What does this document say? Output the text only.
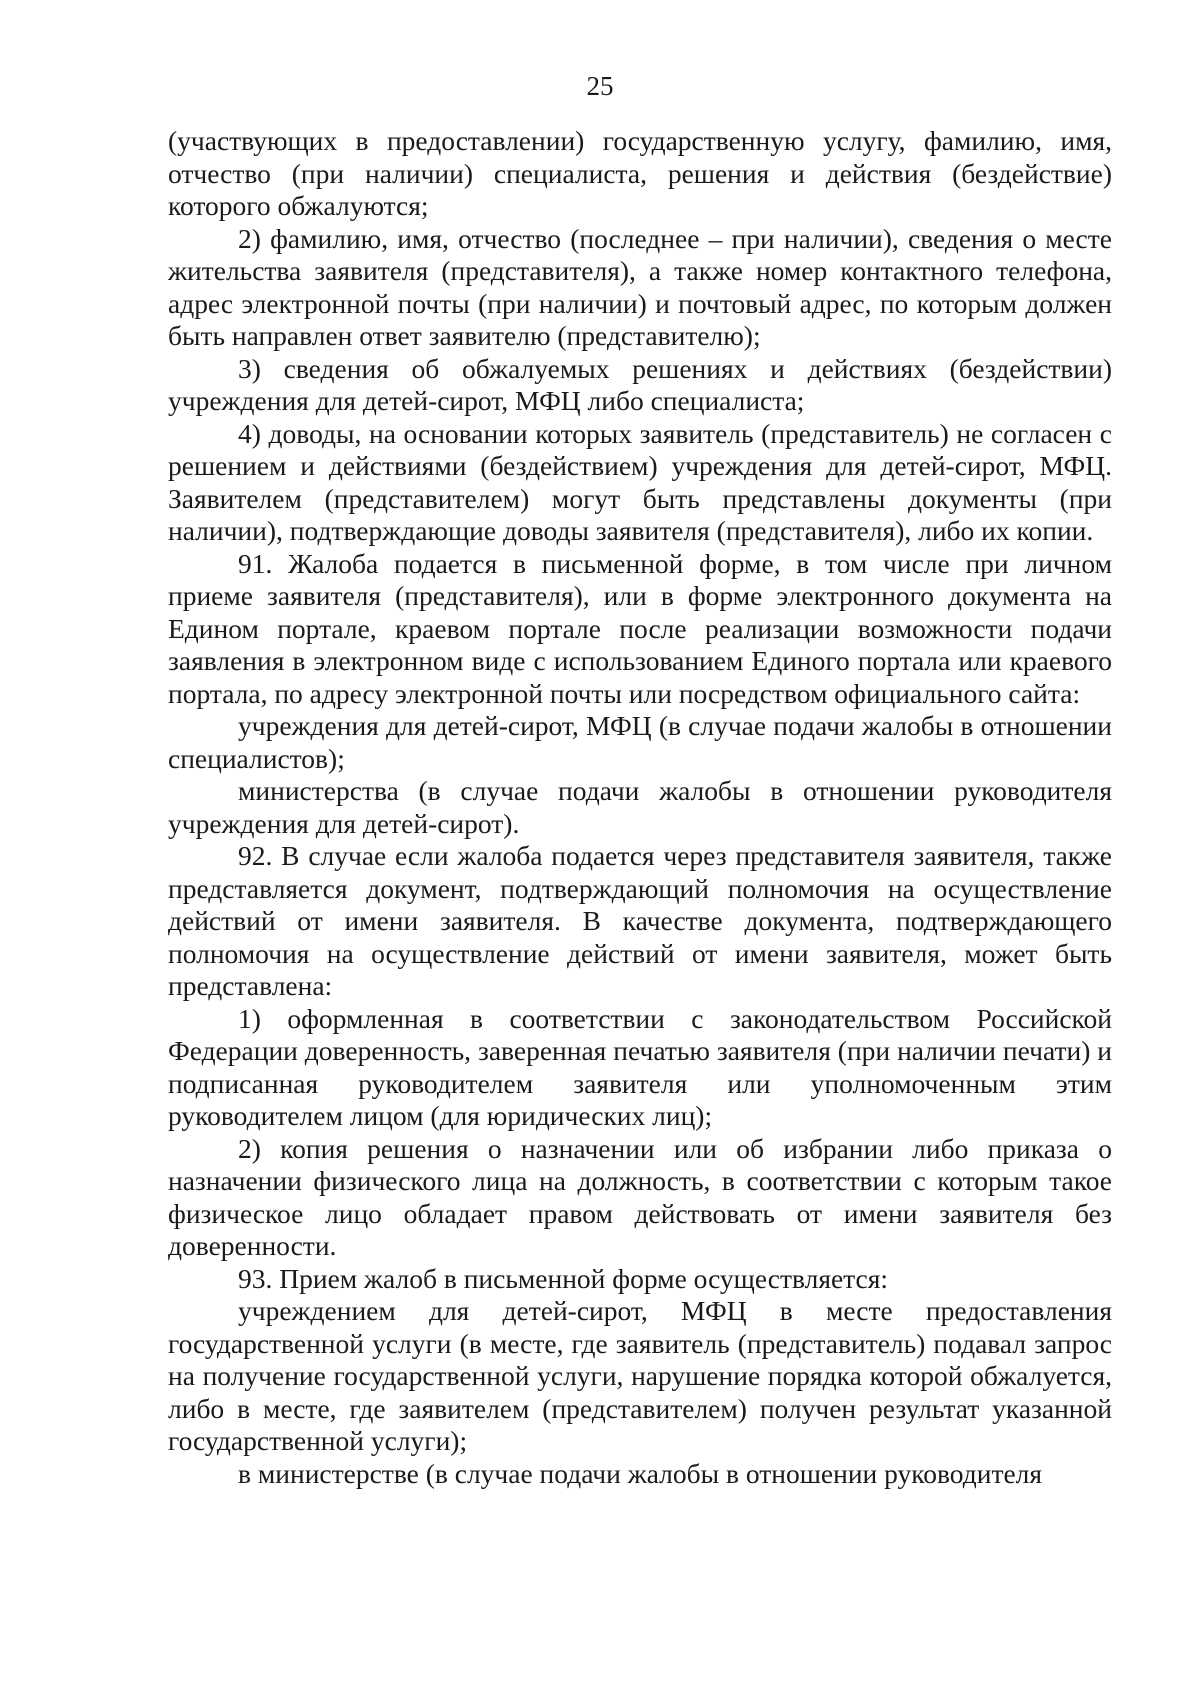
25

(участвующих в предоставлении) государственную услугу, фамилию, имя, отчество (при наличии) специалиста, решения и действия (бездействие) которого обжалуются;

2) фамилию, имя, отчество (последнее – при наличии), сведения о месте жительства заявителя (представителя), а также номер контактного телефона, адрес электронной почты (при наличии) и почтовый адрес, по которым должен быть направлен ответ заявителю (представителю);

3) сведения об обжалуемых решениях и действиях (бездействии) учреждения для детей-сирот, МФЦ либо специалиста;

4) доводы, на основании которых заявитель (представитель) не согласен с решением и действиями (бездействием) учреждения для детей-сирот, МФЦ. Заявителем (представителем) могут быть представлены документы (при наличии), подтверждающие доводы заявителя (представителя), либо их копии.

91. Жалоба подается в письменной форме, в том числе при личном приеме заявителя (представителя), или в форме электронного документа на Едином портале, краевом портале после реализации возможности подачи заявления в электронном виде с использованием Единого портала или краевого портала, по адресу электронной почты или посредством официального сайта:

учреждения для детей-сирот, МФЦ (в случае подачи жалобы в отношении специалистов);

министерства (в случае подачи жалобы в отношении руководителя учреждения для детей-сирот).

92. В случае если жалоба подается через представителя заявителя, также представляется документ, подтверждающий полномочия на осуществление действий от имени заявителя. В качестве документа, подтверждающего полномочия на осуществление действий от имени заявителя, может быть представлена:

1) оформленная в соответствии с законодательством Российской Федерации доверенность, заверенная печатью заявителя (при наличии печати) и подписанная руководителем заявителя или уполномоченным этим руководителем лицом (для юридических лиц);

2) копия решения о назначении или об избрании либо приказа о назначении физического лица на должность, в соответствии с которым такое физическое лицо обладает правом действовать от имени заявителя без доверенности.

93. Прием жалоб в письменной форме осуществляется:

учреждением для детей-сирот, МФЦ в месте предоставления государственной услуги (в месте, где заявитель (представитель) подавал запрос на получение государственной услуги, нарушение порядка которой обжалуется, либо в месте, где заявителем (представителем) получен результат указанной государственной услуги);

в министерстве (в случае подачи жалобы в отношении руководителя
